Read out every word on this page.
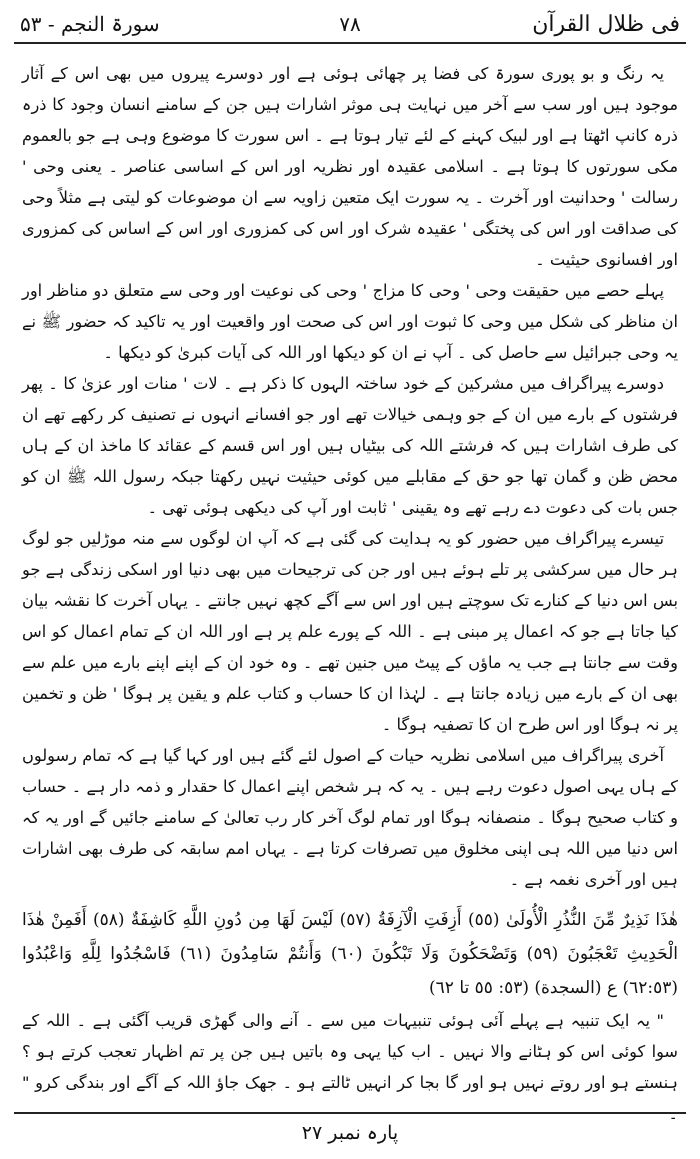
فی ظلال القرآن
۷۸
سورۃ النجم - ۵۳

یہ رنگ و بو پوری سورۃ کی فضا پر چھائی ہوئی ہے اور دوسرے پیروں میں بھی اس کے آثار موجود ہیں اور سب سے آخر میں نہایت ہی موثر اشارات ہیں جن کے سامنے انسان وجود کا ذرہ ذرہ کانپ اٹھتا ہے اور لبیک کہنے کے لئے تیار ہوتا ہے ۔ اس سورت کا موضوع وہی ہے جو بالعموم مکی سورتوں کا ہوتا ہے ۔ اسلامی عقیدہ اور نظریہ اور اس کے اساسی عناصر ۔ یعنی وحی ' رسالت ' وحدانیت اور آخرت ۔ یہ سورت ایک متعین زاویہ سے ان موضوعات کو لیتی ہے مثلاً وحی کی صداقت اور اس کی پختگی ' عقیدہ شرک اور اس کی کمزوری اور اس کے اساس کی کمزوری اور افسانوی حیثیت ۔

پہلے حصے میں حقیقت وحی ' وحی کا مزاج ' وحی کی نوعیت اور وحی سے متعلق دو مناظر اور ان مناظر کی شکل میں وحی کا ثبوت اور اس کی صحت اور واقعیت اور یہ تاکید کہ حضور ﷺ نے یہ وحی جبرائیل سے حاصل کی ۔ آپ نے ان کو دیکھا اور اللہ کی آیات کبریٰ کو دیکھا ۔

دوسرے پیراگراف میں مشرکین کے خود ساختہ الہوں کا ذکر ہے ۔ لات ' منات اور عزیٰ کا ۔ پھر فرشتوں کے بارے میں ان کے جو وہمی خیالات تھے اور جو افسانے انہوں نے تصنیف کر رکھے تھے ان کی طرف اشارات ہیں کہ فرشتے اللہ کی بیٹیاں ہیں اور اس قسم کے عقائد کا ماخذ ان کے ہاں محض ظن و گمان تھا جو حق کے مقابلے میں کوئی حیثیت نہیں رکھتا جبکہ رسول اللہ ﷺ ان کو جس بات کی دعوت دے رہے تھے وہ یقینی ' ثابت اور آپ کی دیکھی ہوئی تھی ۔

تیسرے پیراگراف میں حضور کو یہ ہدایت کی گئی ہے کہ آپ ان لوگوں سے منہ موڑلیں جو لوگ ہر حال میں سرکشی پر تلے ہوئے ہیں اور جن کی ترجیحات میں بھی دنیا اور اسکی زندگی ہے جو بس اس دنیا کے کنارے تک سوچتے ہیں اور اس سے آگے کچھ نہیں جانتے ۔ یہاں آخرت کا نقشہ بیان کیا جاتا ہے جو کہ اعمال پر مبنی ہے ۔ اللہ کے پورے علم پر ہے اور اللہ ان کے تمام اعمال کو اس وقت سے جانتا ہے جب یہ ماؤں کے پیٹ میں جنین تھے ۔ وہ خود ان کے اپنے اپنے بارے میں علم سے بھی ان کے بارے میں زیادہ جانتا ہے ۔ لہٰذا ان کا حساب و کتاب علم و یقین پر ہوگا ' ظن و تخمین پر نہ ہوگا اور اس طرح ان کا تصفیہ ہوگا ۔

آخری پیراگراف میں اسلامی نظریہ حیات کے اصول لئے گئے ہیں اور کہا گیا ہے کہ تمام رسولوں کے ہاں یہی اصول دعوت رہے ہیں ۔ یہ کہ ہر شخص اپنے اعمال کا حقدار و ذمہ دار ہے ۔ حساب و کتاب صحیح ہوگا ۔ منصفانہ ہوگا اور تمام لوگ آخر کار رب تعالیٰ کے سامنے جائیں گے اور یہ کہ اس دنیا میں اللہ ہی اپنی مخلوق میں تصرفات کرتا ہے ۔ یہاں امم سابقہ کی طرف بھی اشارات ہیں اور آخری نغمہ ہے ۔

هٰذَا نَذِيرٌ مِّنَ النُّذُرِ الْأُولَىٰ (٥٥) أَزِفَتِ الْآزِفَةُ (٥٧) لَيْسَ لَهَا مِن دُونِ اللَّهِ كَاشِفَةٌ (٥٨) أَفَمِنْ هٰذَا الْحَدِيثِ تَعْجَبُونَ (٥٩) وَتَضْحَكُونَ وَلَا تَبْكُونَ (٦٠) وَأَنتُمْ سَامِدُونَ (٦١) فَاسْجُدُوا لِلَّهِ وَاعْبُدُوا (٦٢:٥٣) ع (السجدة) (٥٣: ٥٥ تا ٦٢)

" یہ ایک تنبیہ ہے پہلے آئی ہوئی تنبیہات میں سے ۔ آنے والی گھڑی قریب آگئی ہے ۔ اللہ کے سوا کوئی اس کو ہٹانے والا نہیں ۔ اب کیا یہی وہ باتیں ہیں جن پر تم اظہار تعجب کرتے ہو ؟ ہنستے ہو اور روتے نہیں ہو اور گا بجا کر انہیں ٹالتے ہو ۔ جھک جاؤ اللہ کے آگے اور بندگی کرو " ۔

پارہ نمبر ۲۷
